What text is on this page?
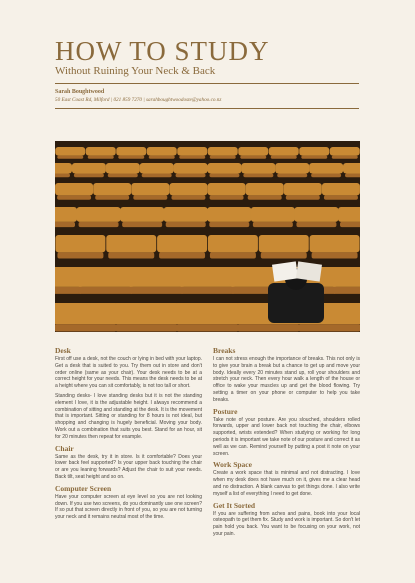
HOW TO STUDY
Without Ruining Your Neck & Back
Sarah Boughtwood
50 East Coast Rd, Milford | 021 859 7270 | sarahboughtwoodoste@yahoo.co.nz
Desk

First off use a desk, not the couch or lying in bed with your laptop. Get a desk that is suited to you. Try them out in store and don't order online (same as your chair). Your desk needs to be at a correct height for your needs. This means the desk needs to be at a height where you can sit comfortably, is not too tall or short.

Standing desks- I love standing desks but it is not the standing element I love, it is the adjustable height. I always recommend a combination of sitting and standing at the desk. It is the movement that is important. Sitting or standing for 8 hours is not ideal, but shopping and changing is hugely beneficial. Moving your body. Work out a combination that suits you best. Stand for an hour, sit for 20 minutes then repeat for example.

Chair

Same as the desk, try it in store. Is it comfortable? Does your lower back feel supported? Is your upper back touching the chair or are you leaning forwards? Adjust the chair to suit your needs. Back tilt, seat height and so on.

Computer Screen

Have your computer screen at eye level so you are not looking down. If you use two screens, do you dominantly use one screen? If so put that screen directly in front of you, so you are not turning your neck and it remains neutral most of the time.

Breaks

I can not stress enough the importance of breaks. This not only is to give your brain a break but a chance to get up and move your body. Ideally every 20 minutes stand up, roll your shoulders and stretch your neck. Then every hour walk a length of the house or office to wake your muscles up and get the blood flowing. Try setting a timer on your phone or computer to help you take breaks.

Posture

Take note of your posture. Are you slouched, shoulders rolled forwards, upper and lower back not touching the chair, elbows supported, wrists extended? When studying or working for long periods it is important we take note of our posture and correct it as well as we can. Remind yourself by putting a post it note on your screen.

Work Space

Create a work space that is minimal and not distracting. I love when my desk does not have much on it, gives me a clear head and no distraction. A blank canvas to get things done. I also write myself a list of everything I need to get done.

Get It Sorted

If you are suffering from aches and pains, book into your local osteopath to get them fix. Study and work is important. So don't let pain hold you back. You want to be focusing on your work, not your pain.
